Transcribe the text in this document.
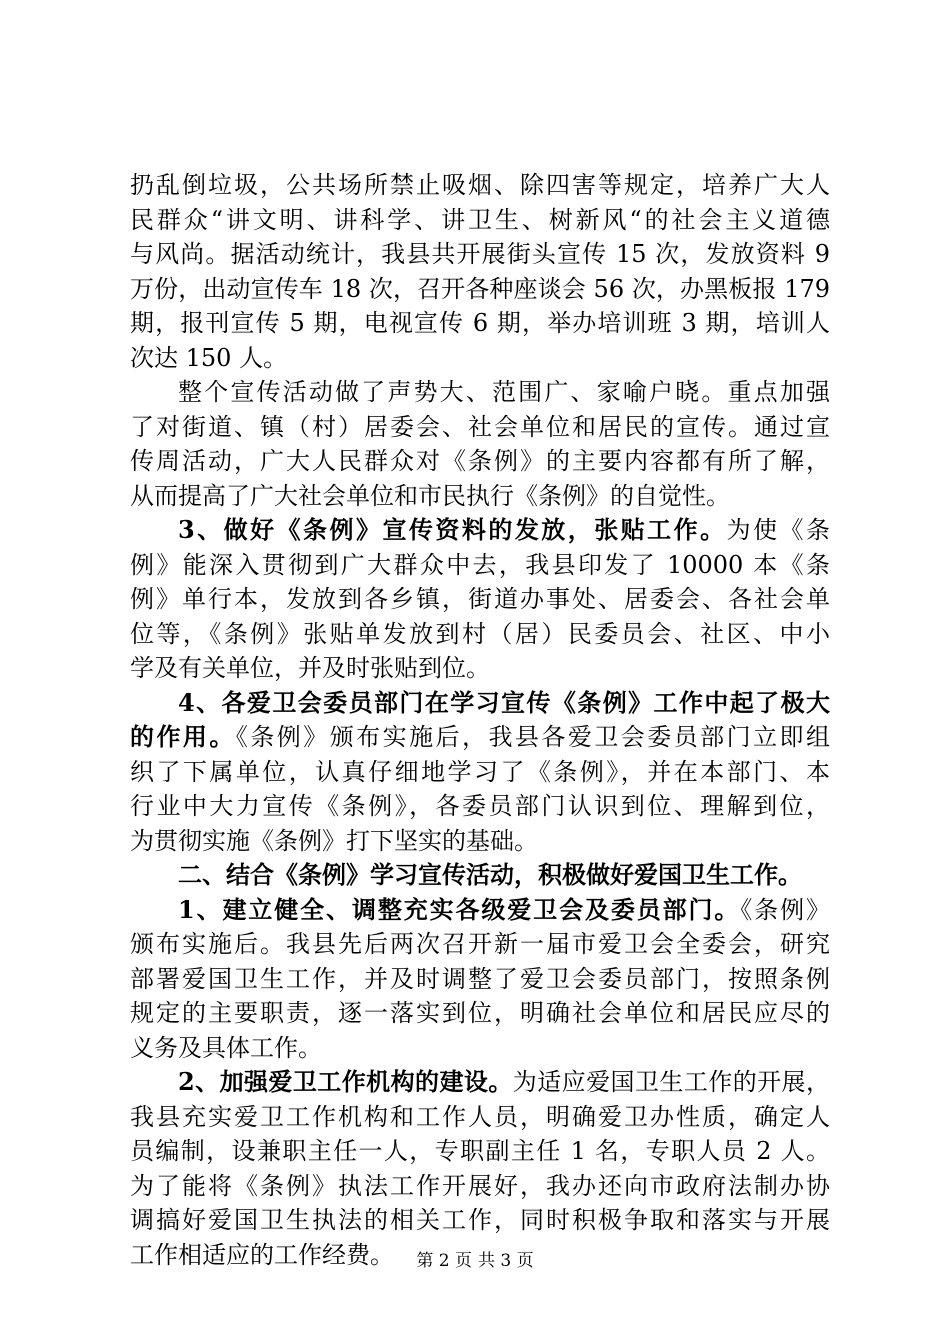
扔乱倒垃圾，公共场所禁止吸烟、除四害等规定，培养广大人
民群众“讲文明、讲科学、讲卫生、树新风“的社会主义道德
与风尚。据活动统计，我县共开展街头宣传 15 次，发放资料 9
万份，出动宣传车 18 次，召开各种座谈会 56 次，办黑板报 179
期，报刊宣传 5 期，电视宣传 6 期，举办培训班 3 期，培训人
次达 150 人。
整个宣传活动做了声势大、范围广、家喻户晓。重点加强
了对街道、镇（村）居委会、社会单位和居民的宣传。通过宣
传周活动，广大人民群众对《条例》的主要内容都有所了解，
从而提高了广大社会单位和市民执行《条例》的自觉性。
3、做好《条例》宣传资料的发放，张贴工作。为使《条
例》能深入贯彻到广大群众中去，我县印发了 10000 本《条
例》单行本，发放到各乡镇，街道办事处、居委会、各社会单
位等，《条例》张贴单发放到村（居）民委员会、社区、中小
学及有关单位，并及时张贴到位。
4、各爱卫会委员部门在学习宣传《条例》工作中起了极大
的作用。《条例》颁布实施后，我县各爱卫会委员部门立即组
织了下属单位，认真仔细地学习了《条例》，并在本部门、本
行业中大力宣传《条例》，各委员部门认识到位、理解到位，
为贯彻实施《条例》打下坚实的基础。
二、结合《条例》学习宣传活动，积极做好爱国卫生工作。
1、建立健全、调整充实各级爱卫会及委员部门。《条例》
颁布实施后。我县先后两次召开新一届市爱卫会全委会，研究
部署爱国卫生工作，并及时调整了爱卫会委员部门，按照条例
规定的主要职责，逐一落实到位，明确社会单位和居民应尽的
义务及具体工作。
2、加强爱卫工作机构的建设。为适应爱国卫生工作的开展，
我县充实爱卫工作机构和工作人员，明确爱卫办性质，确定人
员编制，设兼职主任一人，专职副主任 1 名，专职人员 2 人。
为了能将《条例》执法工作开展好，我办还向市政府法制办协
调搞好爱国卫生执法的相关工作，同时积极争取和落实与开展
工作相适应的工作经费。	第 2 页 共 3 页
